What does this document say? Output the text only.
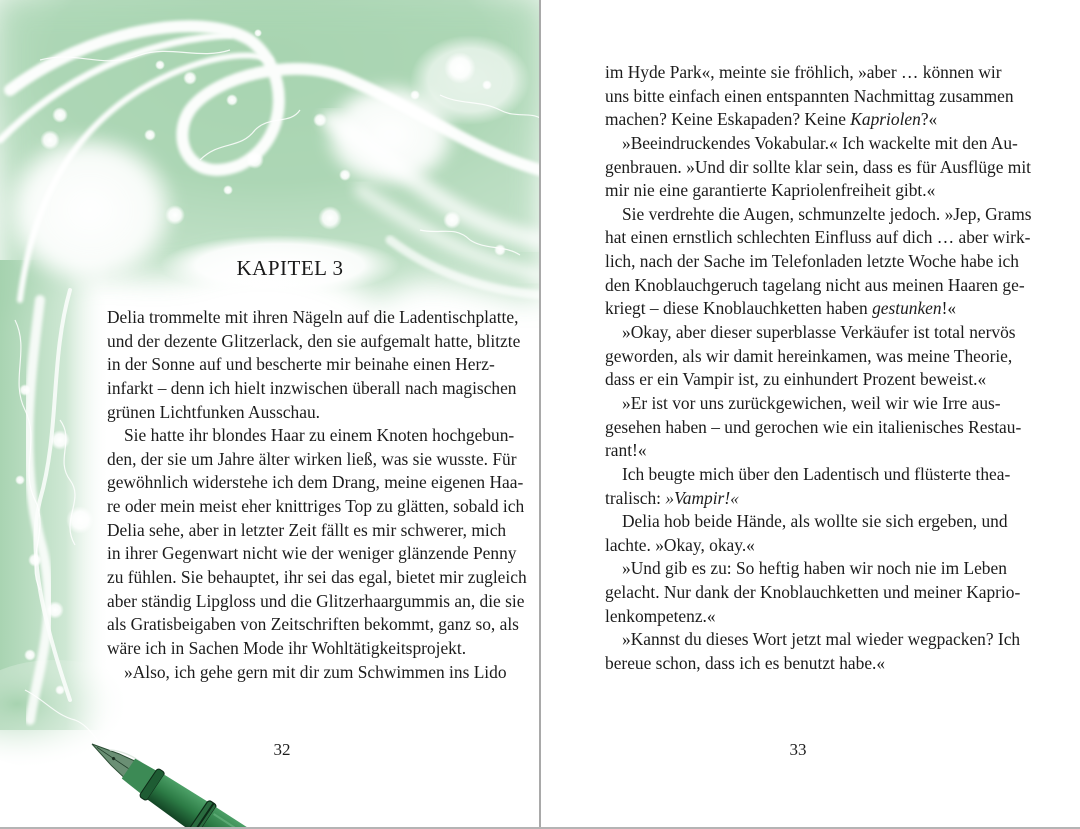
KAPITEL 3
Delia trommelte mit ihren Nägeln auf die Ladentischplatte,
und der dezente Glitzerlack, den sie aufgemalt hatte, blitzte
in der Sonne auf und bescherte mir beinahe einen Herz-
infarkt – denn ich hielt inzwischen überall nach magischen
grünen Lichtfunken Ausschau.
Sie hatte ihr blondes Haar zu einem Knoten hochgebun-
den, der sie um Jahre älter wirken ließ, was sie wusste. Für
gewöhnlich widerstehe ich dem Drang, meine eigenen Haa-
re oder mein meist eher knittriges Top zu glätten, sobald ich
Delia sehe, aber in letzter Zeit fällt es mir schwerer, mich
in ihrer Gegenwart nicht wie der weniger glänzende Penny
zu fühlen. Sie behauptet, ihr sei das egal, bietet mir zugleich
aber ständig Lipgloss und die Glitzerhaargummis an, die sie
als Gratisbeigaben von Zeitschriften bekommt, ganz so, als
wäre ich in Sachen Mode ihr Wohltätigkeitsprojekt.
»Also, ich gehe gern mit dir zum Schwimmen ins Lido
32
im Hyde Park«, meinte sie fröhlich, »aber … können wir
uns bitte einfach einen entspannten Nachmittag zusammen
machen? Keine Eskapaden? Keine Kapriolen?«
»Beeindruckendes Vokabular.« Ich wackelte mit den Au-
genbrauen. »Und dir sollte klar sein, dass es für Ausflüge mit
mir nie eine garantierte Kapriolenfreiheit gibt.«
Sie verdrehte die Augen, schmunzelte jedoch. »Jep, Grams
hat einen ernstlich schlechten Einfluss auf dich … aber wirk-
lich, nach der Sache im Telefonladen letzte Woche habe ich
den Knoblauchgeruch tagelang nicht aus meinen Haaren ge-
kriegt – diese Knoblauchketten haben gestunken!«
»Okay, aber dieser superblasse Verkäufer ist total nervös
geworden, als wir damit hereinkamen, was meine Theorie,
dass er ein Vampir ist, zu einhundert Prozent beweist.«
»Er ist vor uns zurückgewichen, weil wir wie Irre aus-
gesehen haben – und gerochen wie ein italienisches Restau-
rant!«
Ich beugte mich über den Ladentisch und flüsterte thea-
tralisch: »Vampir!«
Delia hob beide Hände, als wollte sie sich ergeben, und
lachte. »Okay, okay.«
»Und gib es zu: So heftig haben wir noch nie im Leben
gelacht. Nur dank der Knoblauchketten und meiner Kaprio-
lenkompetenz.«
»Kannst du dieses Wort jetzt mal wieder wegpacken? Ich
bereue schon, dass ich es benutzt habe.«
33
